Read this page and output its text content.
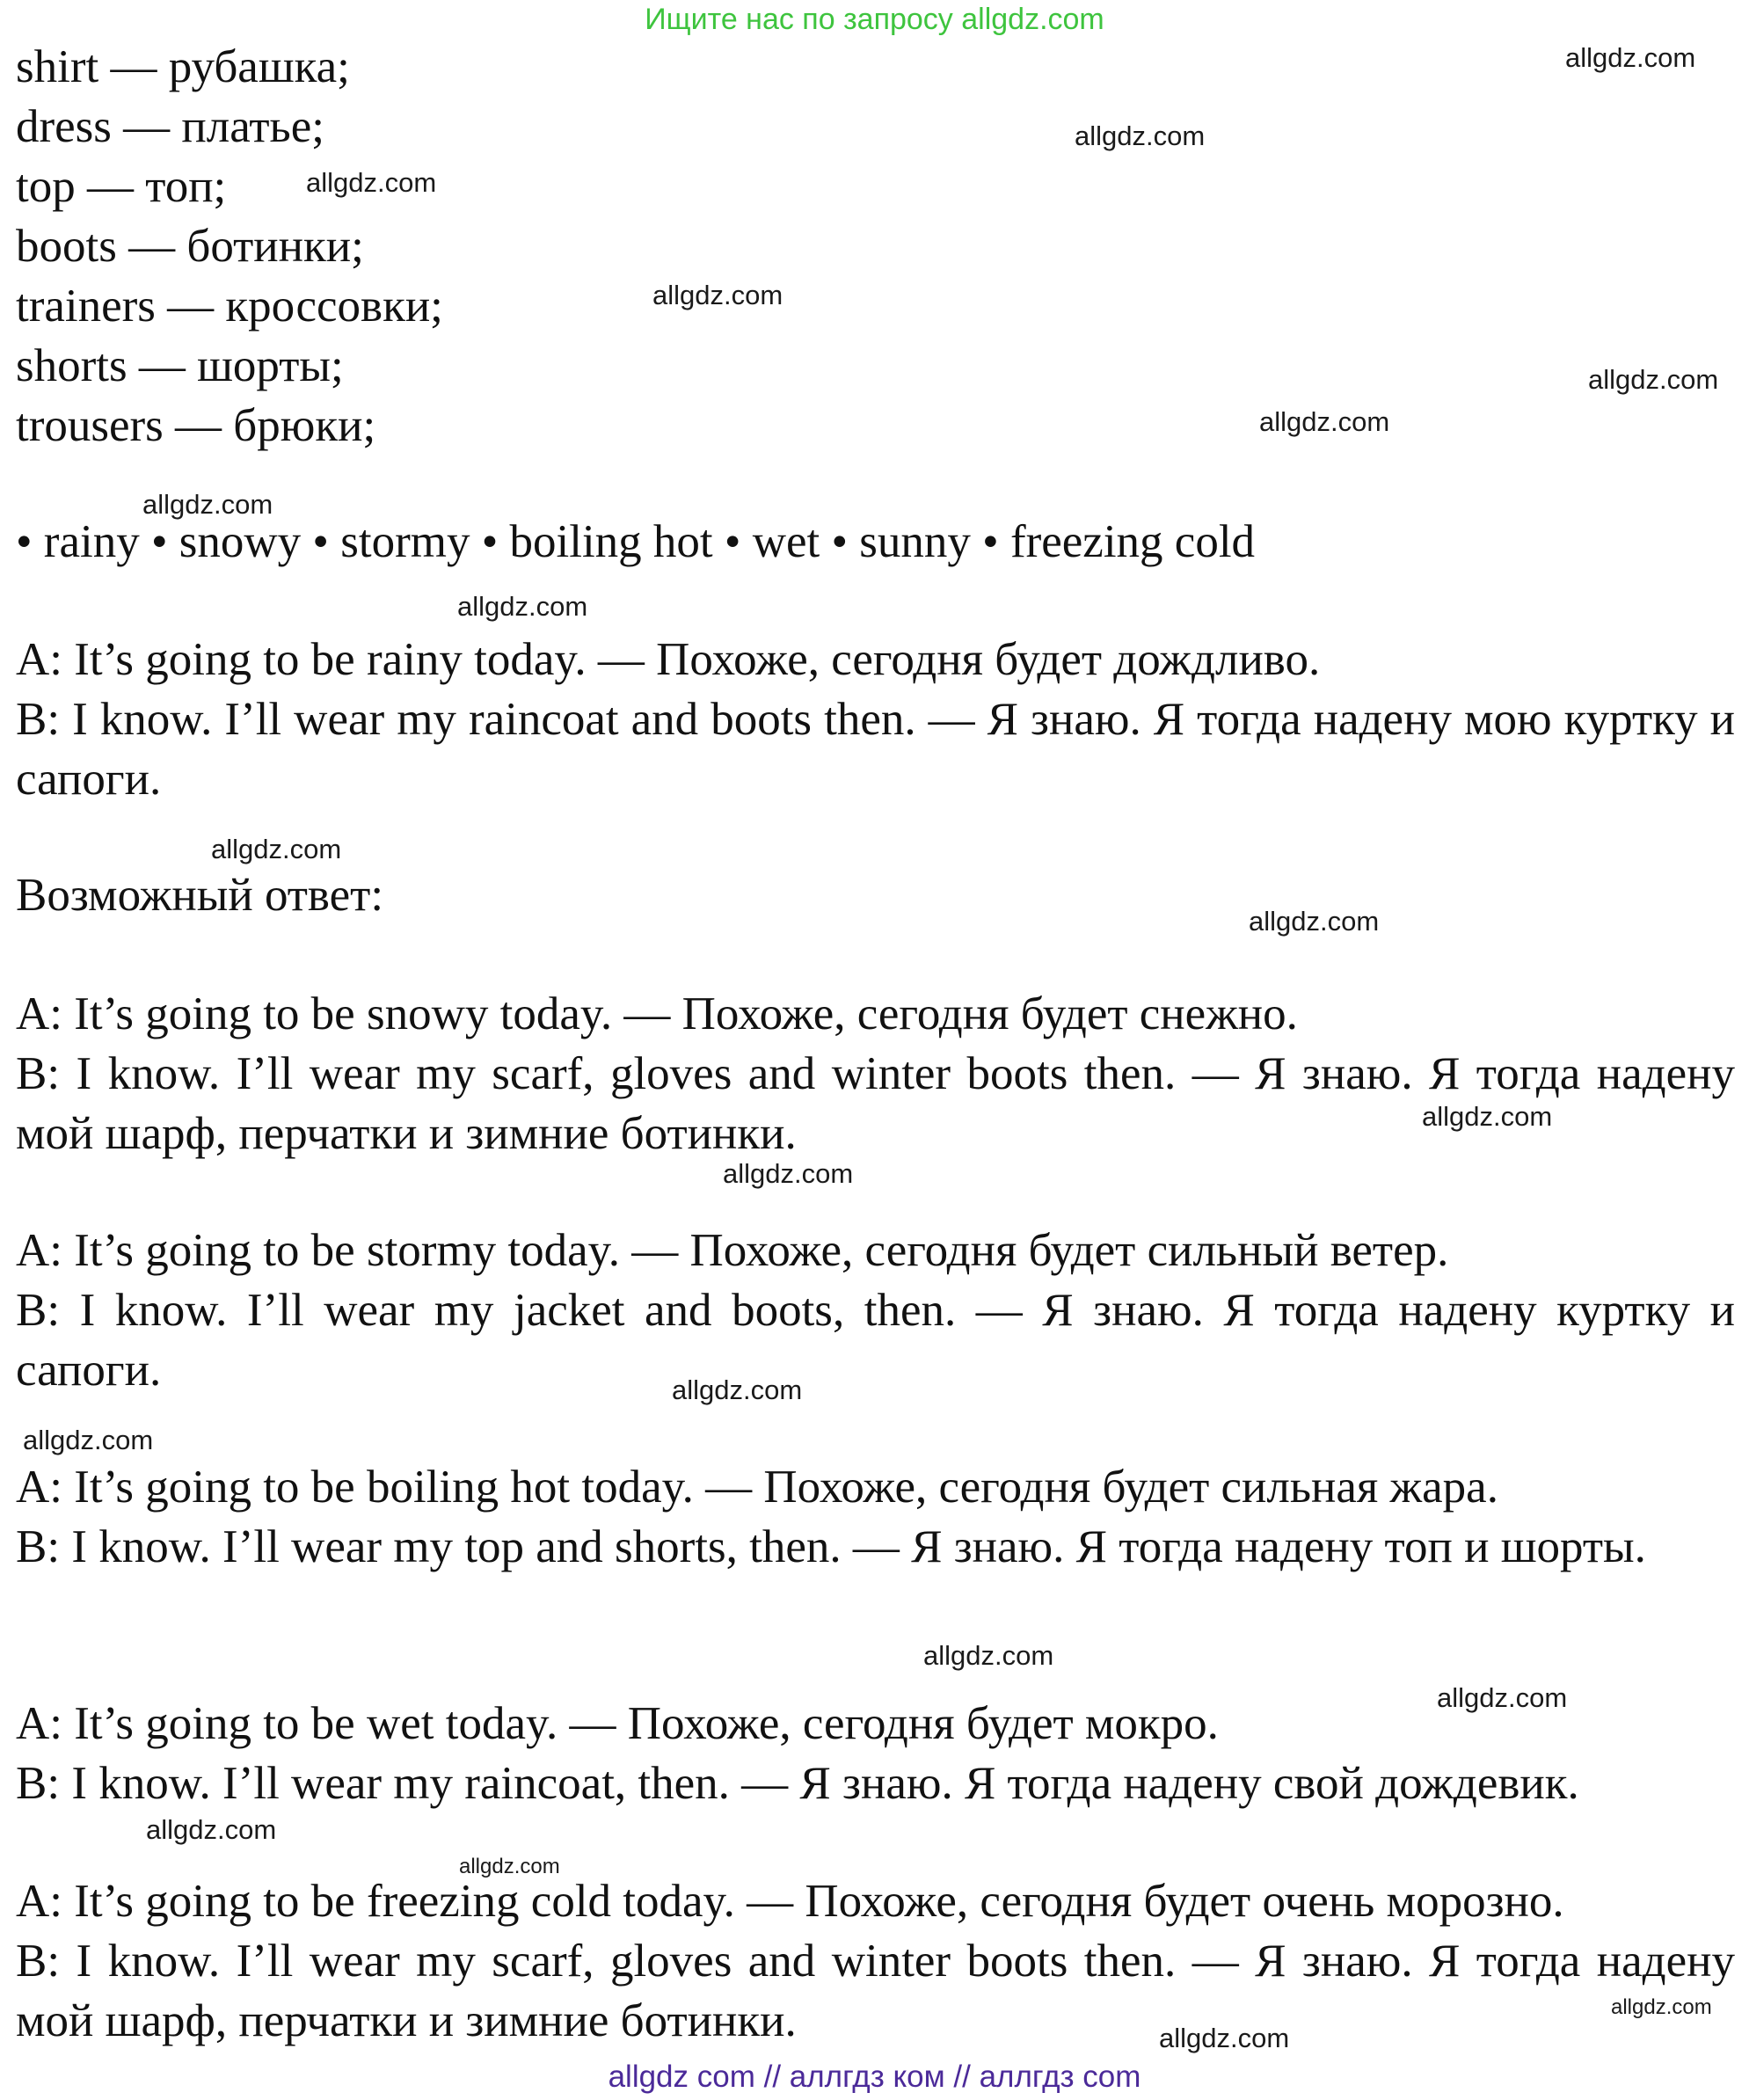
Ищите нас по запросу allgdz.com

shirt — рубашка;

dress — платье;

top — топ;

boots — ботинки;

trainers — кроссовки;

shorts — шорты;

trousers — брюки;

• rainy • snowy • stormy • boiling hot • wet • sunny • freezing cold

A: It’s going to be rainy today. — Похоже, сегодня будет дождливо.

B: I know. I’ll wear my raincoat and boots then. — Я знаю. Я тогда надену мою куртку и сапоги.

Возможный ответ:

A: It’s going to be snowy today. — Похоже, сегодня будет снежно.

B: I know. I’ll wear my scarf, gloves and winter boots then. — Я знаю. Я тогда надену мой шарф, перчатки и зимние ботинки.

A: It’s going to be stormy today. — Похоже, сегодня будет сильный ветер.

B: I know. I’ll wear my jacket and boots, then. — Я знаю. Я тогда надену куртку и сапоги.

A: It’s going to be boiling hot today. — Похоже, сегодня будет сильная жара.

B: I know. I’ll wear my top and shorts, then. — Я знаю. Я тогда надену топ и шорты.

A: It’s going to be wet today. — Похоже, сегодня будет мокро.

B: I know. I’ll wear my raincoat, then. — Я знаю. Я тогда надену свой дождевик.

A: It’s going to be freezing cold today. — Похоже, сегодня будет очень морозно.

B: I know. I’ll wear my scarf, gloves and winter boots then. — Я знаю. Я тогда надену мой шарф, перчатки и зимние ботинки.

allgdz.com
allgdz.com
allgdz.com
allgdz.com
allgdz.com
allgdz.com
allgdz.com
allgdz.com
allgdz.com
allgdz.com
allgdz.com
allgdz.com
allgdz.com
allgdz.com
allgdz.com
allgdz.com
allgdz.com
allgdz.com
allgdz.com
allgdz.com
allgdz com // аллгдз ком // аллгдз com
